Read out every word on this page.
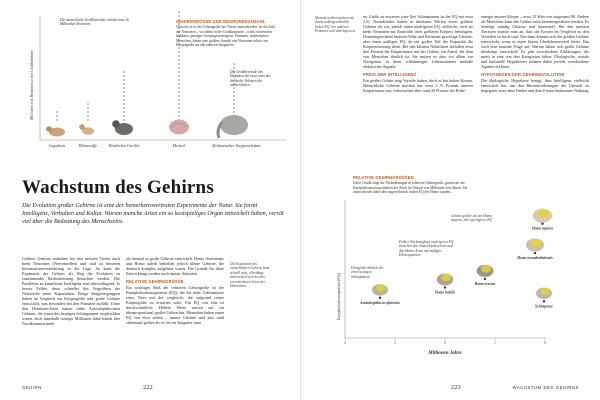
Millionen von Neuronen in der Großhirnrinde
Capybara	Rhesusaffe	Westlicher Gorilla	Mensch	Afrikanischer Steppenelefant
Die menschliche Großhirnrinde enthält etwa 16 Milliarden Neuronen.
GEHIRNGRÖSSE UND NEURONENANZAHL
Obwohl sie in der Gehirngröße bei Tieren unterschieden, ist die Zahl der Neuronen – vor allem in der Großhirnrinde – wohl ein besserer Indikator geistiger Leistungsvermögens. Primaten, insbesondere Menschen, haben eine größere Anzahl von Neuronen relativ zur Körpergröße als alle anderen Säugetiere.
Die Großhirnrinde des Elefanten hat zwar etwa das dreifache Volumen der menschlichen.
Wachstum des Gehirns
Die Evolution großer Gehirne ist eine der bemerkenswertesten Experimente der Natur. Sie formt Intelligenz, Verhalten und Kultur. Warum manche Arten ein so kostspieliges Organ entwickelt haben, verrät viel über die Bedeutung des Menschseins.
Größere Gehirne enthalten bei den meisten Tieren auch mehr Neuronen (Nervenzellen) und sind zu besseren Informationsverarbeitung in der Lage. So kann die Expansion des Gehirns als Weg der Evolution zu zunehmender Rechenleistung betrachtet werden. Die Parallelen zu künstlicher Intelligenz sind überwältigend: Je besser Zellen, desto schneller das Vergrößern der Netzwerke neuer Kapazitäten. Einige Säugetiergruppen haben im Vergleich zur Körpergröße sehr große Gehirne entwickelt, was besonders bei den Primaten auffällt. Unter den Hominini-Arten hatten frühe Australopithecinen Gehirne, die jenen des heutigen Schimpansen vergleichbar waren, doch innerhalb weniger Millionen Jahre hatten ihre Nachkommen mehr
als dreimal so große Gehirne entwickelt. Homo floresiensis und Homo naledi behielten jedoch kleine Gehirne, die dennoch komplex aufgebaut waren. Die Gründe für diese Entwicklung werden noch immer diskutiert.
RELATIVE GEHIRNGRÖSSE
Ein wichtiges Maß der relativen Gehirngröße ist der Enzephalisationsquotient (EQ), der die reale Gehirnmasse eines Tiers mit der vergleicht, die aufgrund seiner Körpergröße zu erwarten wäre. Ein EQ von eins ist durchschnittlich. Höhere Werte weisen auf ein überproportional großes Gehirn hin. Menschen haben einen EQ von etwa sieben – unsere Gehirne sind also rund siebenmal größer als es für ein Säugetier unse
Die Expansion des menschlichen Gehirns fand schnell statt, allerdings unterschied sich bei den verschiedenen Arten der Homininen.
GEHIRN	222
Menschen überraschen mit ihrem außergewöhnlich hohen EQ, der anderen Primaten weit überlegen ist.
rer Größe zu erwarten wäre (bei Schimpansen ist der EQ nur etwa 2,5). Neandertaler hatten in absoluten Werten etwas größere Gehirne als wir, jedoch einen niedrigeren EQ, vielleicht, weil sie mehr Neuronen zur Kontrolle ihres größeren Körpers benötigten. Dementsprechend besitzen Wale und Elefanten gewaltige Gehirne, aber einen mäßigen EQ, da ein großer Teil der Kapazität die Körpersteuerung dient. Bei den kleinen Nilhechten entfallen etwa drei Prozent der Körpermasse auf das Gehirn, ein Anteil, der dem von Menschen ähnlich ist. Sie nutzen es aber vor allem zur Navigation in ihren schlammigen Lebensräumen mithilfe elektrischer Signale.
PREIS DER INTELLIGENZ
Ein großes Gehirn mag Vorteile haben, doch es hat hohen Kosten. Menschliche Gehirne machen nur etwa 2 % Prozent unserer Körpermasse aus, verbrauchen aber rund 20 Prozent der Ruhe-
energie unserer Körper – etwa 15 Watt von insgesamt 80. Andere als Menschen kann das Gehirn nicht heruntergefahren werden. Es benötigt ständig Glukose und Sauerstoff. Bei den meisten Tierarten müsste man an, dass die Kosten im Vergleich zu den Vorteilen zu hoch sind. Nur dann können sich die großen Gehirne entwickeln, wenn es einen klaren Überlebensvorteil bietet. Das wirft eine zentrale Frage auf: Warum haben sich große Gehirne überhaupt entwickelt? Es gibt verschiedene Erklärungen, die meist in eine von drei Kategorien fallen: Ökologische, soziale und kulturelle Hypothesen können dabei jeweils verschiedene Aspekte erklären.
HYPOTHESEN DER GEHIRNEVOLUTION
Die ökologische Hypothese besagt, dass Intelligenz vielleicht entwickelt hat, um den Herausforderungen der Umwelt zu begegnen, etwa dem Finden und dem Ersten bestimmter Nahrung
RELATIVE GEHIRNGRÖSSEN
Diese Grafik zeigt die Veränderungen in relativen Gehirngröße, gemessen am Enzephalisationsquotienten der Arten im Verlauf von Millionen von Jahren. Sie unterscheidet dabei den ungewöhnlich hohen EQ des Homo sapiens.
4	3	2	1	0
Australopithecus afarensis
Homo habilis
Homo erectus
Homo neanderthalensis
Homo sapiens
Schimpanse
Enzephalisationsquotient (EQ)
Millionen Jahre
Gehirn größer als bei Homo sapiens, aber geringerer EQ
Früher Werkzeugkopf niedrigeren EQ zwischen den Australopithecinen und den Homo-Arten mit mäßiger Hirnexpansion
Hirngröße ähnlich der eines heutigen Schimpansen
WACHSTUM DES GEHIRNS
223
